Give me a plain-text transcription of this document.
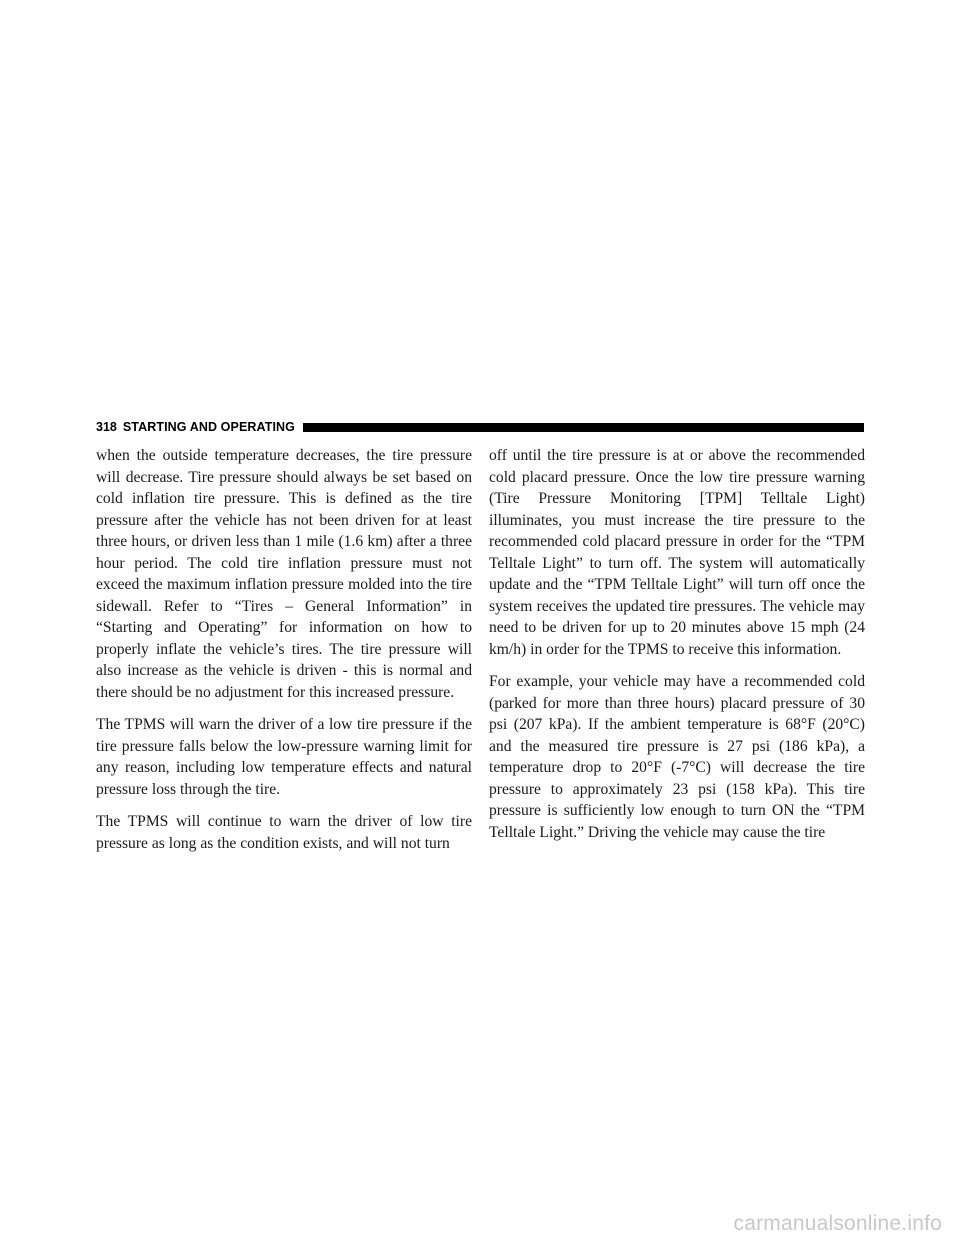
318 STARTING AND OPERATING

when the outside temperature decreases, the tire pressure will decrease. Tire pressure should always be set based on cold inflation tire pressure. This is defined as the tire pressure after the vehicle has not been driven for at least three hours, or driven less than 1 mile (1.6 km) after a three hour period. The cold tire inflation pressure must not exceed the maximum inflation pressure molded into the tire sidewall. Refer to “Tires – General Information” in “Starting and Operating” for information on how to properly inflate the vehicle’s tires. The tire pressure will also increase as the vehicle is driven - this is normal and there should be no adjustment for this increased pressure.

The TPMS will warn the driver of a low tire pressure if the tire pressure falls below the low-pressure warning limit for any reason, including low temperature effects and natural pressure loss through the tire.

The TPMS will continue to warn the driver of low tire pressure as long as the condition exists, and will not turn

off until the tire pressure is at or above the recommended cold placard pressure. Once the low tire pressure warning (Tire Pressure Monitoring [TPM] Telltale Light) illuminates, you must increase the tire pressure to the recommended cold placard pressure in order for the “TPM Telltale Light” to turn off. The system will automatically update and the “TPM Telltale Light” will turn off once the system receives the updated tire pressures. The vehicle may need to be driven for up to 20 minutes above 15 mph (24 km/h) in order for the TPMS to receive this information.

For example, your vehicle may have a recommended cold (parked for more than three hours) placard pressure of 30 psi (207 kPa). If the ambient temperature is 68°F (20°C) and the measured tire pressure is 27 psi (186 kPa), a temperature drop to 20°F (-7°C) will decrease the tire pressure to approximately 23 psi (158 kPa). This tire pressure is sufficiently low enough to turn ON the “TPM Telltale Light.” Driving the vehicle may cause the tire

carmanualsonline.info
